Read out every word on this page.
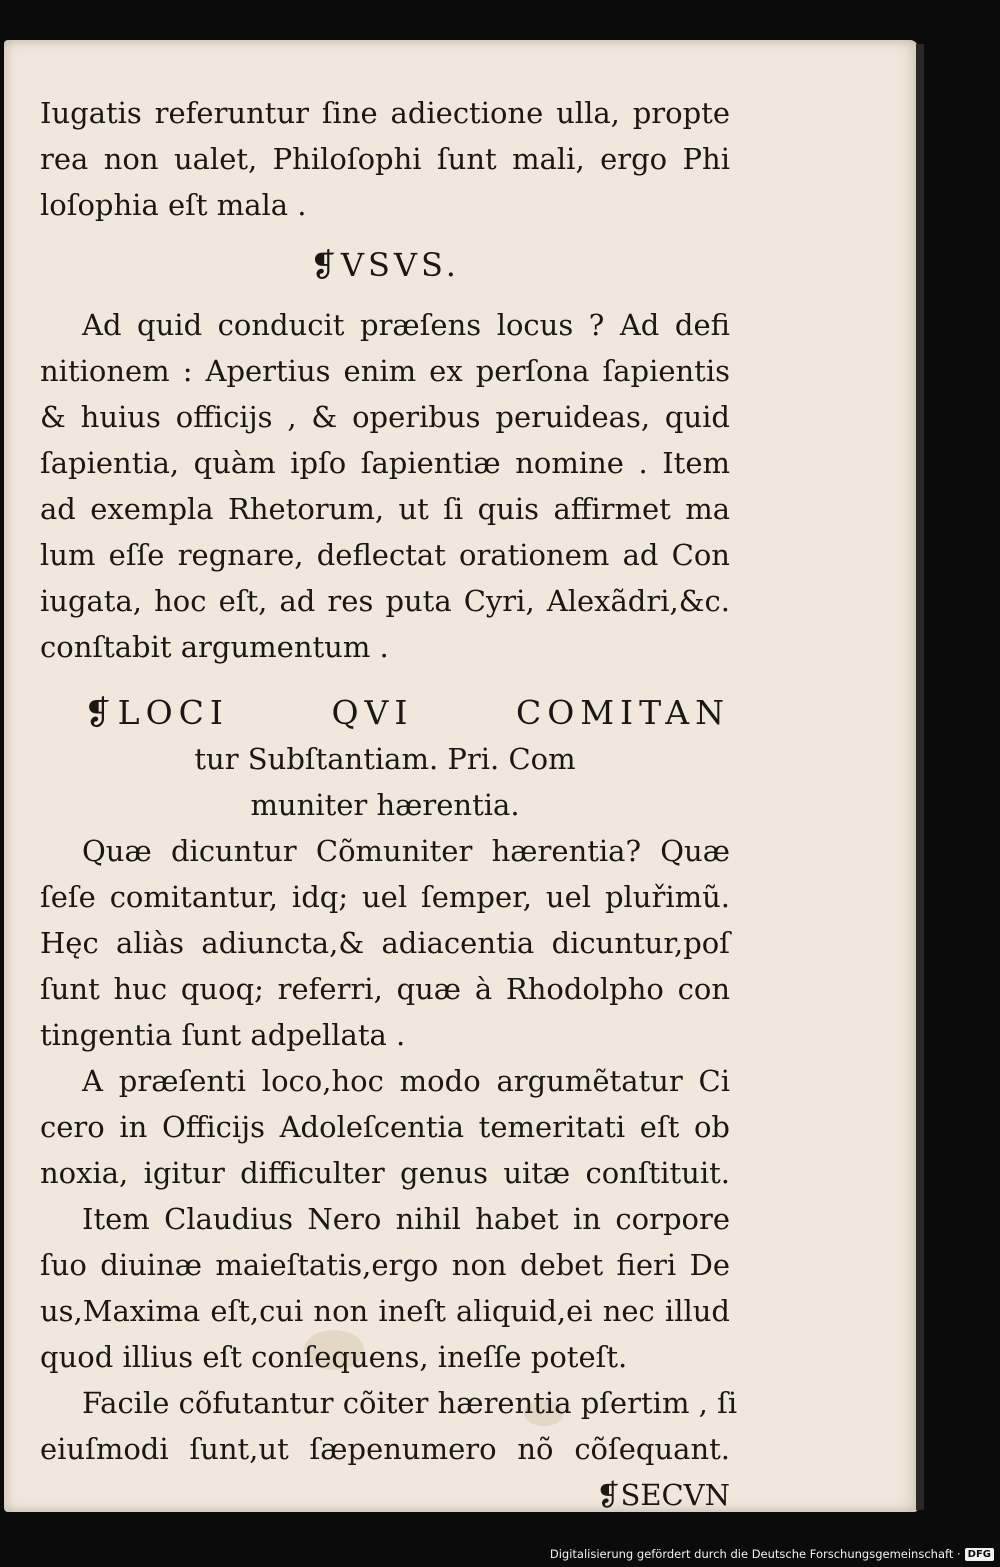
Iugatis referuntur ſine adiectione ulla, propte
rea non ualet, Philoſophi ſunt mali, ergo Phi
loſophia eſt mala .
❡VSVS.
Ad quid conducit præſens locus ? Ad defi
nitionem : Apertius enim ex perſona ſapientis
& huius officijs , & operibus peruideas, quid
ſapientia, quàm ipſo ſapientiæ nomine . Item
ad exempla Rhetorum, ut ſi quis affirmet ma
lum eſſe regnare, deflectat orationem ad Con
iugata, hoc eſt, ad res puta Cyri, Alexãdri,&c.
conſtabit argumentum .
❡LOCI QVI COMITAN
tur Subſtantiam. Pri. Com
muniter hærentia.
Quæ dicuntur Cõmuniter hærentia? Quæ
ſeſe comitantur, idq; uel ſemper, uel pluřimũ.
Hęc aliàs adiuncta,& adiacentia dicuntur,poſ
ſunt huc quoq; referri, quæ à Rhodolpho con
tingentia ſunt adpellata .
A præſenti loco,hoc modo argumẽtatur Ci
cero in Officijs Adoleſcentia temeritati eſt ob
noxia, igitur difficulter genus uitæ conſtituit.
Item Claudius Nero nihil habet in corpore
ſuo diuinæ maieſtatis,ergo non debet fieri De
us,Maxima eſt,cui non ineſt aliquid,ei nec illud
quod illius eſt conſequens, ineſſe poteſt.
Facile cõfutantur cõiter hærentia pſertim , ſi
eiuſmodi ſunt,ut ſæpenumero nõ cõſequant.
❡SECVN
Digitalisierung gefördert durch die Deutsche Forschungsgemeinschaft · DFG
